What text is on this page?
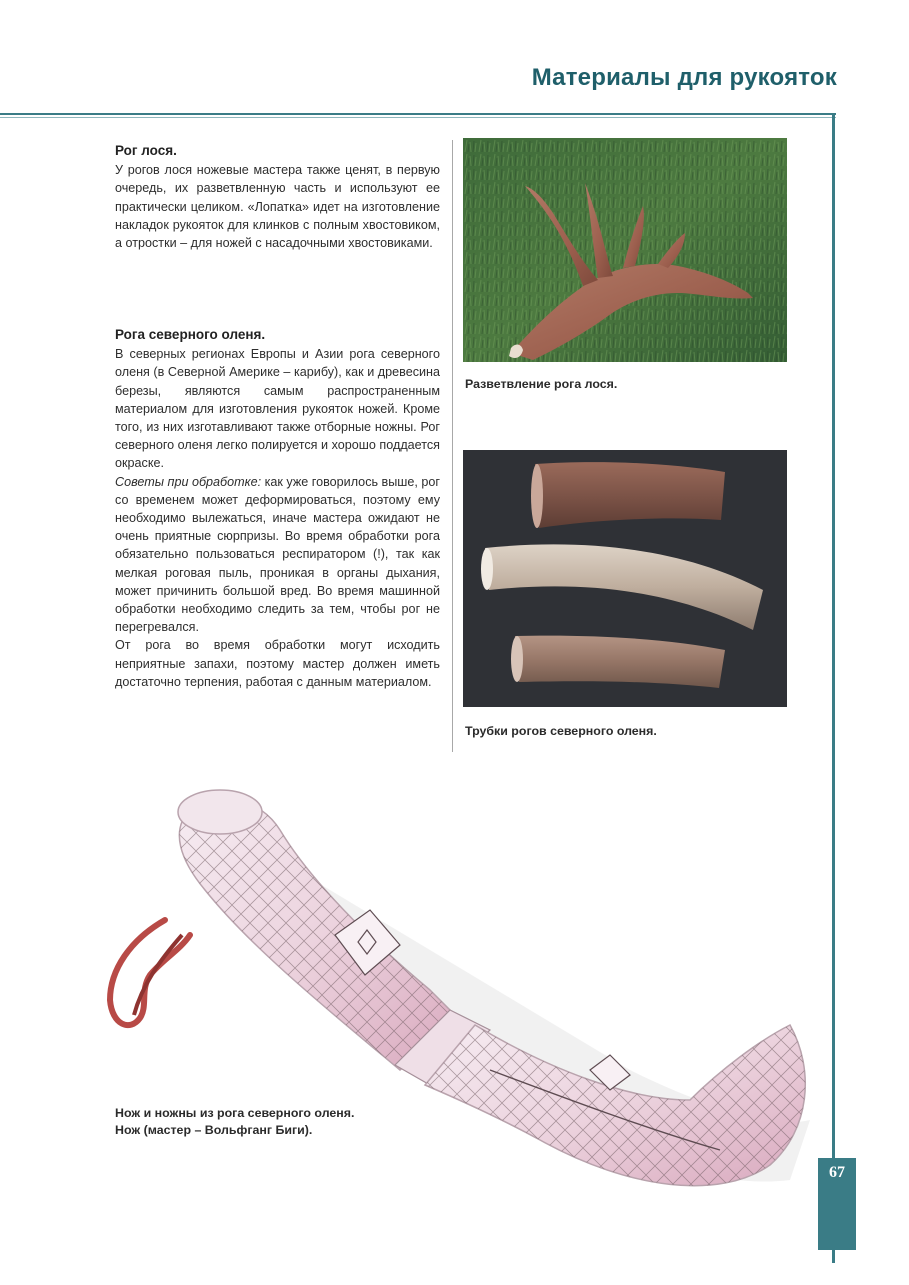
Материалы для рукояток
Рог лося.

У рогов лося ножевые мастера также ценят, в первую очередь, их разветвленную часть и используют ее практически целиком. «Лопатка» идет на изготовление накладок рукояток для клинков с полным хвостовиком, а отростки – для ножей с насадочными хвостовиками.

Рога северного оленя.

В северных регионах Европы и Азии рога северного оленя (в Северной Америке – карибу), как и древесина березы, являются самым распространенным материалом для изготовления рукояток ножей. Кроме того, из них изготавливают также отборные ножны. Рог северного оленя легко полируется и хорошо поддается окраске.

Советы при обработке: как уже говорилось выше, рог со временем может деформироваться, поэтому ему необходимо вылежаться, иначе мастера ожидают не очень приятные сюрпризы. Во время обработки рога обязательно пользоваться респиратором (!), так как мелкая роговая пыль, проникая в органы дыхания, может причинить большой вред. Во время машинной обработки необходимо следить за тем, чтобы рог не перегревался.

От рога во время обработки могут исходить неприятные запахи, поэтому мастер должен иметь достаточно терпения, работая с данным материалом.

Разветвление рога лося.
Трубки рогов северного оленя.
Нож и ножны из рога северного оленя.
Нож (мастер – Вольфганг Биги).
67
